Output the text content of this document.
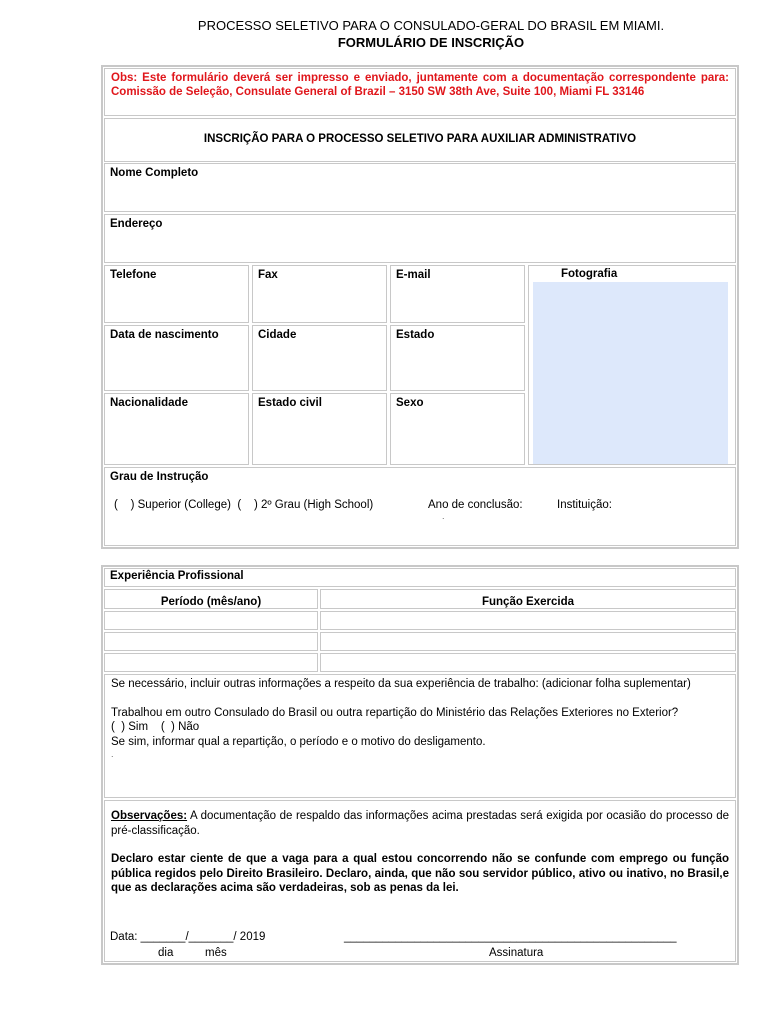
PROCESSO SELETIVO PARA O CONSULADO-GERAL DO BRASIL EM MIAMI.
FORMULÁRIO DE INSCRIÇÃO
Obs: Este formulário deverá ser impresso e enviado, juntamente com a documentação correspondente para: Comissão de Seleção, Consulate General of Brazil – 3150 SW 38th Ave, Suite 100, Miami FL 33146
INSCRIÇÃO PARA O PROCESSO SELETIVO PARA AUXILIAR ADMINISTRATIVO
Nome Completo
Endereço
Telefone	Fax	E-mail	Fotografia
Data de nascimento	Cidade	Estado
Nacionalidade	Estado civil	Sexo
Grau de Instrução
(    ) Superior (College)  (    ) 2º Grau (High School)	Ano de conclusão:	Instituição:
.
Experiência Profissional
Período (mês/ano)	Função Exercida
Se necessário, incluir outras informações a respeito da sua experiência de trabalho: (adicionar folha suplementar)
Trabalhou em outro Consulado do Brasil ou outra repartição do Ministério das Relações Exteriores no Exterior?
(  ) Sim    (  ) Não
Se sim, informar qual a repartição, o período e o motivo do desligamento.
.
Observações: A documentação de respaldo das informações acima prestadas será exigida por ocasião do processo de pré-classificação.
Declaro estar ciente de que a vaga para a qual estou concorrendo não se confunde com emprego ou função pública regidos pelo Direito Brasileiro. Declaro, ainda, que não sou servidor público, ativo ou inativo, no Brasil,e que as declarações acima são verdadeiras, sob as penas da lei.
Data: _______/_______/ 2019
dia	mês
____________________________________________________
Assinatura
